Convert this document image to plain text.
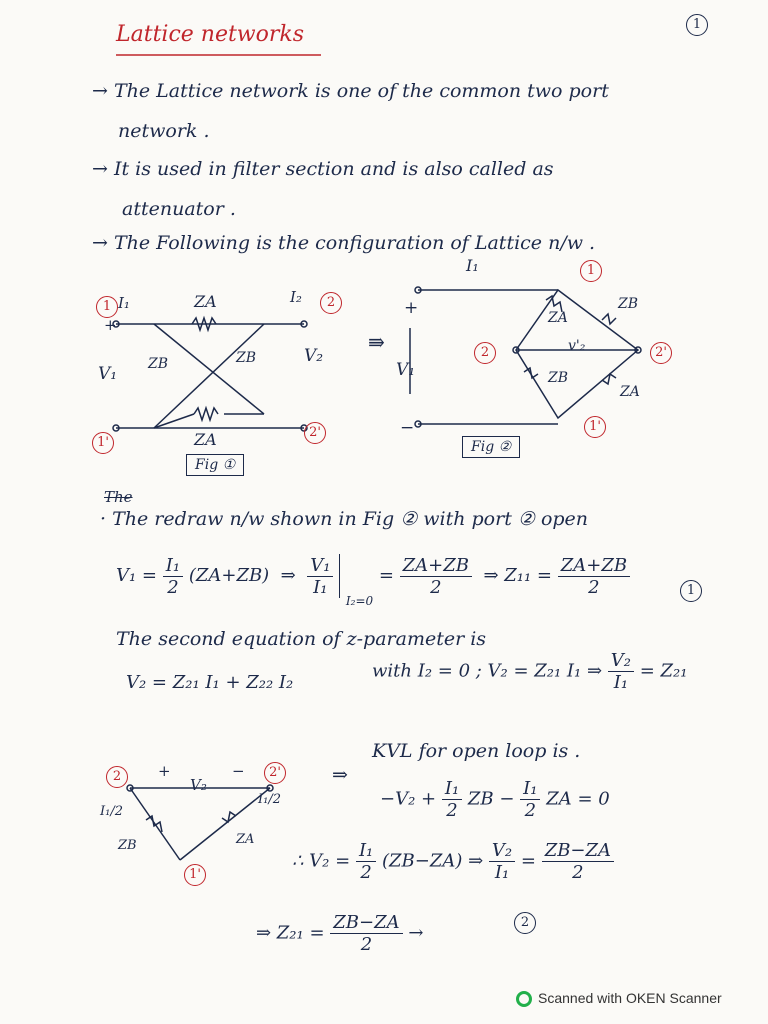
Lattice networks	1
→ The Lattice network is one of the common two port
network .
→ It is used in filter section and is also called as
attenuator .
→ The Following is the configuration of Lattice n/w .
1 I₁
+
ZA	I₂	2
ZB	ZB
V₁
V₂
1'
2'
ZA
Fig ①
⇛
I₁	1
+
V₁
−
2	2'
1'
ZA
ZB
ZB
ZA
v'₂
Fig ②
The
· The redraw n/w shown in Fig ② with port ② open
$V_1 = \frac{\text{I₁}}{2} (ZA+ZB)$ ⇒ $\frac{\text{V₁}}{\text{I₁}}$
$_{I_2=0} = \frac{ZA+ZB}{2}$ ⇒ $Z_{11} = \frac{ZA+ZB}{2}$	1
The second equation of z-parameter is
V₂ = Z₂₁ I₁ + Z₂₂ I₂
with I₂ = 0 ; V₂ = Z₂₁ I₁ ⇒ $\frac{\text{V₂}}{\text{I₁}} = Z_{21}$
2	2'
1'
+
V₂
−
I₁/2
I₁/2
ZB	ZA
⇒
KVL for open loop is .
$-V_2 + \frac{\text{I₁}}{2}$ ZB − $\frac{\text{I₁}}{2}$ ZA = 0
∴ $V_2 = \frac{\text{I₁}}{2} (ZB-ZA)$ ⇒ $\frac{\text{V₂}}{\text{I₁}} = \frac{ZB-ZA}{2}$
⇒ $Z_{21} = \frac{ZB-ZA}{2}$ →	2
Scanned with OKEN Scanner
